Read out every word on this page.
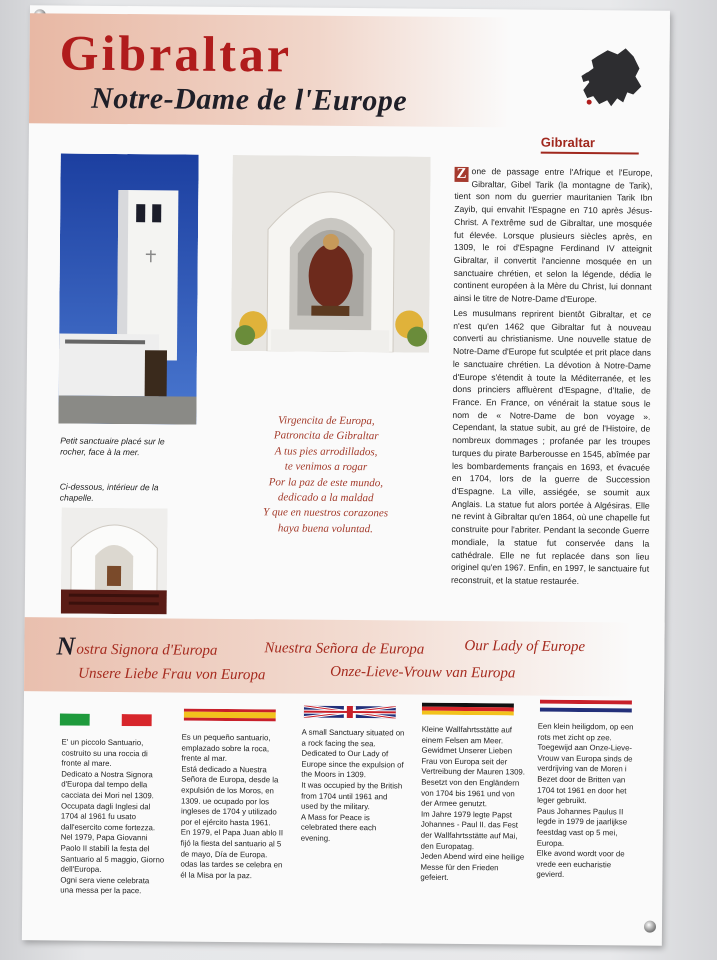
Gibraltar
Notre-Dame de l'Europe
Gibraltar
Petit sanctuaire placé sur le rocher, face à la mer.
Ci-dessous, intérieur de la chapelle.
Virgencita de Europa,
Patroncita de Gibraltar
A tus pies arrodillados,
te venimos a rogar
Por la paz de este mundo,
dedicado a la maldad
Y que en nuestros corazones
haya buena voluntad.

Z one de passage entre l'Afrique et l'Europe, Gibraltar, Gibel Tarik (la montagne de Tarik), tient son nom du guerrier mauritanien Tarik Ibn Zayib, qui envahit l'Espagne en 710 après Jésus-Christ. A l'extrême sud de Gibraltar, une mosquée fut élevée. Lorsque plusieurs siècles après, en 1309, le roi d'Espagne Ferdinand IV atteignit Gibraltar, il convertit l'ancienne mosquée en un sanctuaire chrétien, et selon la légende, dédia le continent européen à la Mère du Christ, lui donnant ainsi le titre de Notre-Dame d'Europe.

Les musulmans reprirent bientôt Gibraltar, et ce n'est qu'en 1462 que Gibraltar fut à nouveau converti au christianisme. Une nouvelle statue de Notre-Dame d'Europe fut sculptée et prit place dans le sanctuaire chrétien. La dévotion à Notre-Dame d'Europe s'étendit à toute la Méditerranée, et les dons princiers affluèrent d'Espagne, d'Italie, de France. En France, on vénérait la statue sous le nom de « Notre-Dame de bon voyage ». Cependant, la statue subit, au gré de l'Histoire, de nombreux dommages ; profanée par les troupes turques du pirate Barberousse en 1545, abîmée par les bombardements français en 1693, et évacuée en 1704, lors de la guerre de Succession d'Espagne. La ville, assiégée, se soumit aux Anglais. La statue fut alors portée à Algésiras. Elle ne revint à Gibraltar qu'en 1864, où une chapelle fut construite pour l'abriter. Pendant la seconde Guerre mondiale, la statue fut conservée dans la cathédrale. Elle ne fut replacée dans son lieu originel qu'en 1967. Enfin, en 1997, le sanctuaire fut reconstruit, et la statue restaurée.

N ostra Signora d'Europa	Nuestra Señora de Europa	Our Lady of Europe
Unsere Liebe Frau von Europa	Onze-Lieve-Vrouw van Europa

E' un piccolo Santuario, costruito su una roccia di fronte al mare.

Dedicato a Nostra Signora d'Europa dal tempo della cacciata dei Mori nel 1309.

Occupata dagli Inglesi dal 1704 al 1961 fu usato dall'esercito come fortezza.

Nel 1979, Papa Giovanni Paolo II stabilì la festa del Santuario al 5 maggio, Giorno dell'Europa.

Ogni sera viene celebrata una messa per la pace.

Es un pequeño santuario, emplazado sobre la roca, frente al mar.

Está dedicado a Nuestra Señora de Europa, desde la expulsión de los Moros, en 1309. ue ocupado por los ingleses de 1704 y utilizado por el ejército hasta 1961.

En 1979, el Papa Juan ablo II fijó la fiesta del santuario al 5 de mayo, Día de Europa.

odas las tardes se celebra en él la Misa por la paz.

A small Sanctuary situated on a rock facing the sea.

Dedicated to Our Lady of Europe since the expulsion of the Moors in 1309.

It was occupied by the British from 1704 until 1961 and used by the military.

A Mass for Peace is celebrated there each evening.

Kleine Wallfahrtsstätte auf einem Felsen am Meer.

Gewidmet Unserer Lieben Frau von Europa seit der Vertreibung der Mauren 1309.

Besetzt von den Engländern von 1704 bis 1961 und von der Armee genutzt.

Im Jahre 1979 legte Papst Johannes - Paul II. das Fest der Wallfahrtsstätte auf Mai, den Europatag.

Jeden Abend wird eine heilige Messe für den Frieden gefeiert.

Een klein heiligdom, op een rots met zicht op zee.

Toegewijd aan Onze-Lieve-Vrouw van Europa sinds de verdrijving van de Moren i Bezet door de Britten van 1704 tot 1961 en door het leger gebruikt.

Paus Johannes Paulus II legde in 1979 de jaarlijkse feestdag vast op 5 mei, Europa.

Elke avond wordt voor de vrede een eucharistie gevierd.
